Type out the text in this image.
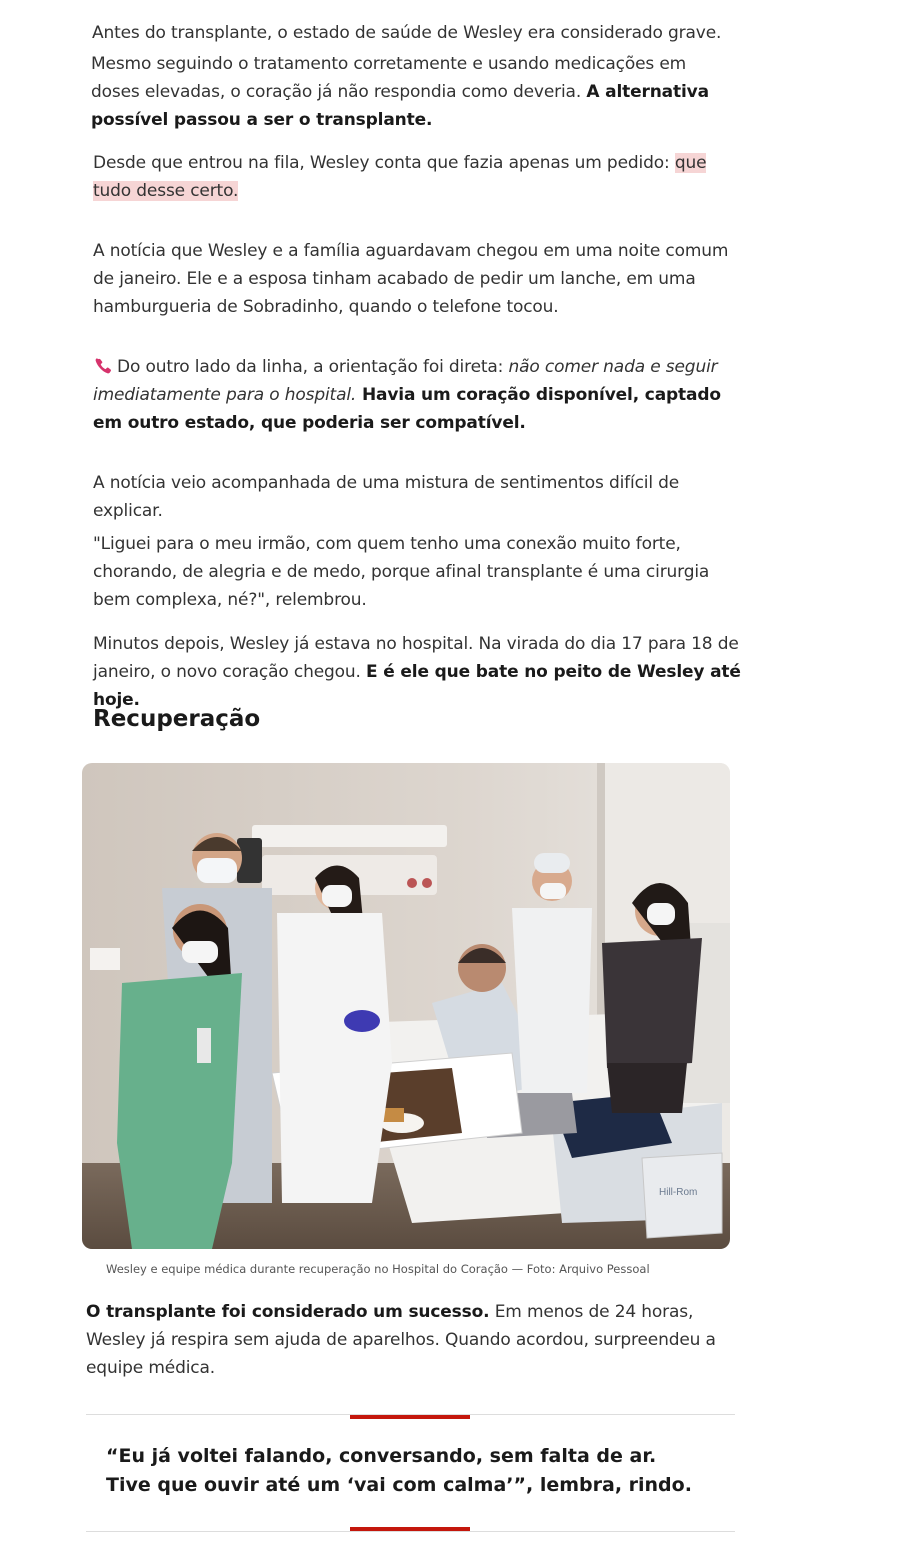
Antes do transplante, o estado de saúde de Wesley era considerado grave.
Mesmo seguindo o tratamento corretamente e usando medicações em doses elevadas, o coração já não respondia como deveria. A alternativa possível passou a ser o transplante.
Desde que entrou na fila, Wesley conta que fazia apenas um pedido: que tudo desse certo.
A notícia que Wesley e a família aguardavam chegou em uma noite comum de janeiro. Ele e a esposa tinham acabado de pedir um lanche, em uma hamburgueria de Sobradinho, quando o telefone tocou.
Do outro lado da linha, a orientação foi direta: não comer nada e seguir imediatamente para o hospital. Havia um coração disponível, captado em outro estado, que poderia ser compatível.
A notícia veio acompanhada de uma mistura de sentimentos difícil de explicar.
"Liguei para o meu irmão, com quem tenho uma conexão muito forte, chorando, de alegria e de medo, porque afinal transplante é uma cirurgia bem complexa, né?", relembrou.
Minutos depois, Wesley já estava no hospital. Na virada do dia 17 para 18 de janeiro, o novo coração chegou. E é ele que bate no peito de Wesley até hoje.
Recuperação
Hill-Rom
Wesley e equipe médica durante recuperação no Hospital do Coração — Foto: Arquivo Pessoal
O transplante foi considerado um sucesso. Em menos de 24 horas, Wesley já respira sem ajuda de aparelhos. Quando acordou, surpreendeu a equipe médica.

“Eu já voltei falando, conversando, sem falta de ar. Tive que ouvir até um ‘vai com calma’”, lembra, rindo.
